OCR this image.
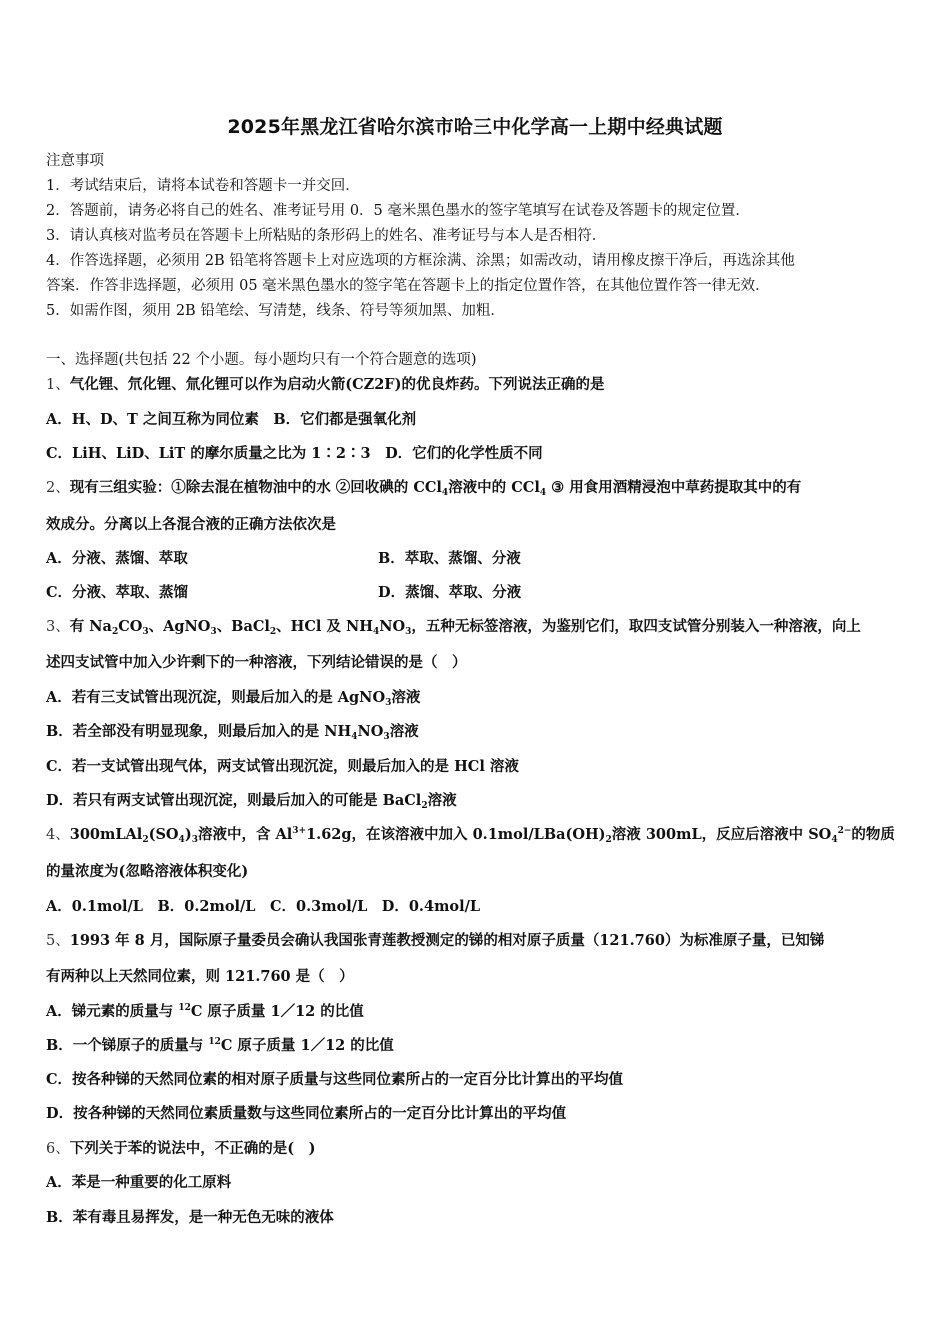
2025年黑龙江省哈尔滨市哈三中化学高一上期中经典试题
注意事项
1．考试结束后，请将本试卷和答题卡一并交回．
2．答题前，请务必将自己的姓名、准考证号用 0．5 毫米黑色墨水的签字笔填写在试卷及答题卡的规定位置．
3．请认真核对监考员在答题卡上所粘贴的条形码上的姓名、准考证号与本人是否相符．
4．作答选择题，必须用 2B 铅笔将答题卡上对应选项的方框涂满、涂黑；如需改动，请用橡皮擦干净后，再选涂其他
答案．作答非选择题，必须用 05 毫米黑色墨水的签字笔在答题卡上的指定位置作答，在其他位置作答一律无效．
5．如需作图，须用 2B 铅笔绘、写清楚，线条、符号等须加黑、加粗．
一、选择题(共包括 22 个小题。每小题均只有一个符合题意的选项)
1、气化锂、氘化锂、氚化锂可以作为启动火箭(CZ2F)的优良炸药。下列说法正确的是
A．H、D、T 之间互称为同位素　B．它们都是强氧化剂
C．LiH、LiD、LiT 的摩尔质量之比为 1∶2∶3　D．它们的化学性质不同
2、现有三组实验：①除去混在植物油中的水 ②回收碘的 CCl$_4$溶液中的 CCl$_4$ ③ 用食用酒精浸泡中草药提取其中的有
效成分。分离以上各混合液的正确方法依次是
A．分液、蒸馏、萃取	B．萃取、蒸馏、分液
C．分液、萃取、蒸馏	D．蒸馏、萃取、分液
3、有 $Na_2CO_3$、AgNO$_3$、BaCl$_2$、HCl 及 $NH_4NO_3$，五种无标签溶液，为鉴别它们，取四支试管分别装入一种溶液，向上
述四支试管中加入少许剩下的一种溶液，下列结论错误的是（　）
A．若有三支试管出现沉淀，则最后加入的是 AgNO$_3$溶液
B．若全部没有明显现象，则最后加入的是 $NH_4NO_3$溶液
C．若一支试管出现气体，两支试管出现沉淀，则最后加入的是 HCl 溶液
D．若只有两支试管出现沉淀，则最后加入的可能是 BaCl$_2$溶液
4、$300mLAl_2(SO_4)_3$溶液中，含 $Al^{3+}1.62g$，在该溶液中加入 $0.1mol/LBa(OH)_2$溶液 300mL，反应后溶液中 $SO_4^{2-}$的物质
的量浓度为(忽略溶液体积变化)
A．0.1mol/L　B．0.2mol/L　C．0.3mol/L　D．0.4mol/L
5、1993 年 8 月，国际原子量委员会确认我国张青莲教授测定的锑的相对原子质量（121.760）为标准原子量，已知锑
有两种以上天然同位素，则 121.760 是（　）
A．锑元素的质量与 $^{12}$C 原子质量 1／12 的比值
B．一个锑原子的质量与 $^{12}$C 原子质量 1／12 的比值
C．按各种锑的天然同位素的相对原子质量与这些同位素所占的一定百分比计算出的平均值
D．按各种锑的天然同位素质量数与这些同位素所占的一定百分比计算出的平均值
6、下列关于苯的说法中，不正确的是(　)
A．苯是一种重要的化工原料
B．苯有毒且易挥发，是一种无色无味的液体
